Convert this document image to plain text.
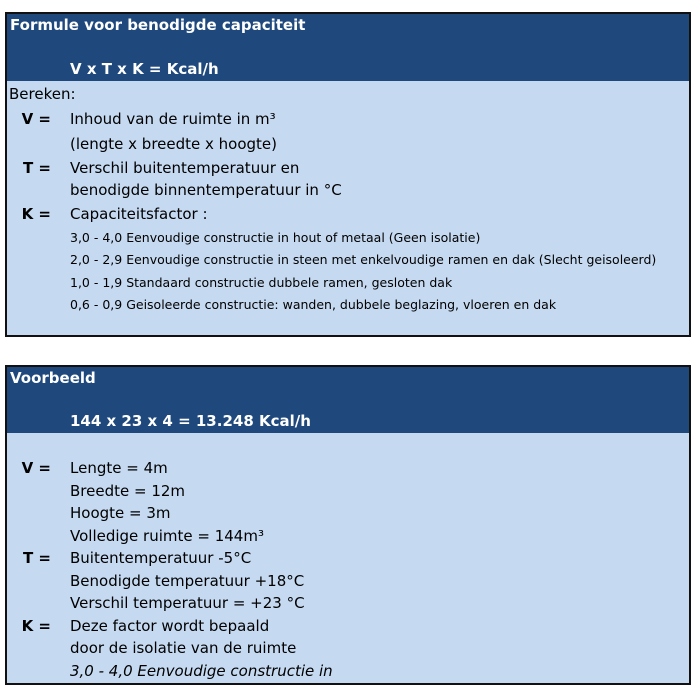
Formule voor benodigde capaciteit
V x T x K = Kcal/h
Bereken:
V = Inhoud van de ruimte in m³
(lengte x breedte x hoogte)
T = Verschil buitentemperatuur en
benodigde binnentemperatuur in °C
K = Capaciteitsfactor :
3,0 - 4,0 Eenvoudige constructie in hout of metaal (Geen isolatie)
2,0 - 2,9 Eenvoudige constructie in steen met enkelvoudige ramen en dak (Slecht geisoleerd)
1,0 - 1,9 Standaard constructie dubbele ramen, gesloten dak
0,6 - 0,9 Geisoleerde constructie: wanden, dubbele beglazing, vloeren en dak
Voorbeeld
144 x 23 x 4 = 13.248 Kcal/h
V = Lengte = 4m
Breedte = 12m
Hoogte = 3m
Volledige ruimte = 144m³
T = Buitentemperatuur -5°C
Benodigde temperatuur +18°C
Verschil temperatuur = +23 °C
K = Deze factor wordt bepaald
door de isolatie van de ruimte
3,0 - 4,0 Eenvoudige constructie in
